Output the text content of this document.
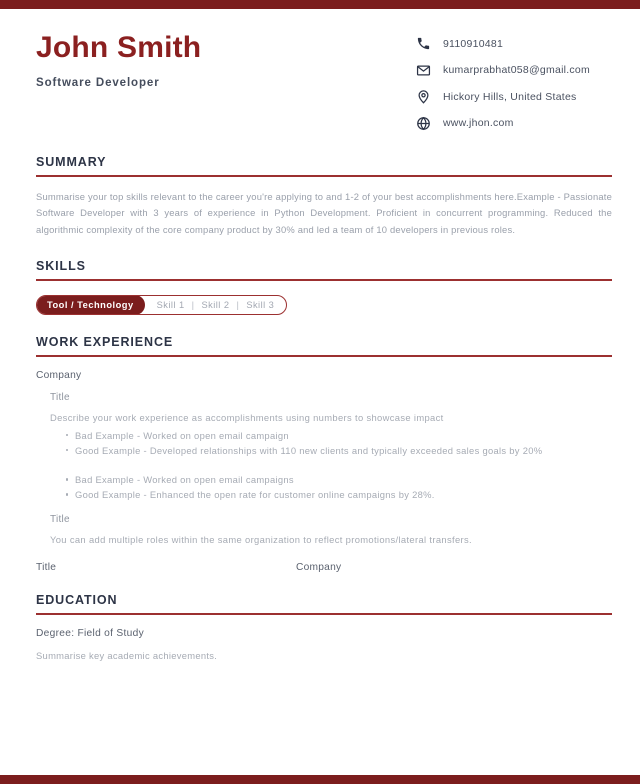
John Smith
Software Developer
9110910481
kumarprabhat058@gmail.com
Hickory Hills, United States
www.jhon.com
SUMMARY
Summarise your top skills relevant to the career you're applying to and 1-2 of your best accomplishments here.Example - Passionate Software Developer with 3 years of experience in Python Development. Proficient in concurrent programming. Reduced the algorithmic complexity of the core company product by 30% and led a team of 10 developers in previous roles.
SKILLS
Tool / Technology	Skill 1 | Skill 2 | Skill 3
WORK EXPERIENCE
Company
Title
Describe your work experience as accomplishments using numbers to showcase impact
Bad Example - Worked on open email campaign
Good Example - Developed relationships with 110 new clients and typically exceeded sales goals by 20%
Bad Example - Worked on open email campaigns
Good Example - Enhanced the open rate for customer online campaigns by 28%.
Title
You can add multiple roles within the same organization to reflect promotions/lateral transfers.
Title	Company
EDUCATION
Degree: Field of Study
Summarise key academic achievements.
